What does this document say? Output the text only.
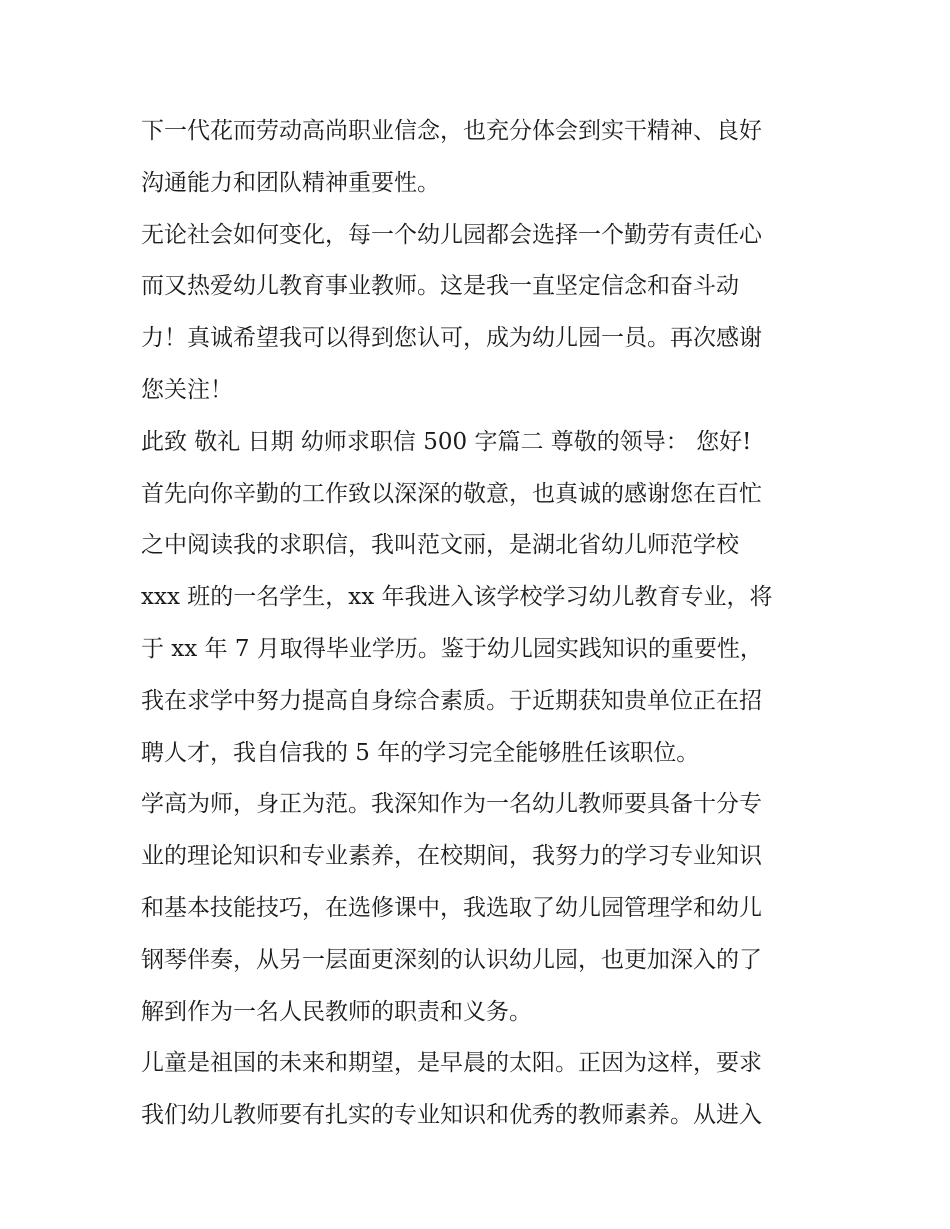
下一代花而劳动高尚职业信念，也充分体会到实干精神、良好
沟通能力和团队精神重要性。
无论社会如何变化，每一个幼儿园都会选择一个勤劳有责任心
而又热爱幼儿教育事业教师。这是我一直坚定信念和奋斗动
力！真诚希望我可以得到您认可，成为幼儿园一员。再次感谢
您关注！
此致 敬礼 日期 幼师求职信 500 字篇二 尊敬的领导： 您好!
首先向你辛勤的工作致以深深的敬意，也真诚的感谢您在百忙
之中阅读我的求职信，我叫范文丽，是湖北省幼儿师范学校
xxx 班的一名学生，xx 年我进入该学校学习幼儿教育专业，将
于 xx 年 7 月取得毕业学历。鉴于幼儿园实践知识的重要性，
我在求学中努力提高自身综合素质。于近期获知贵单位正在招
聘人才，我自信我的 5 年的学习完全能够胜任该职位。
学高为师，身正为范。我深知作为一名幼儿教师要具备十分专
业的理论知识和专业素养，在校期间，我努力的学习专业知识
和基本技能技巧，在选修课中，我选取了幼儿园管理学和幼儿
钢琴伴奏，从另一层面更深刻的认识幼儿园，也更加深入的了
解到作为一名人民教师的职责和义务。
儿童是祖国的未来和期望，是早晨的太阳。正因为这样，要求
我们幼儿教师要有扎实的专业知识和优秀的教师素养。从进入
